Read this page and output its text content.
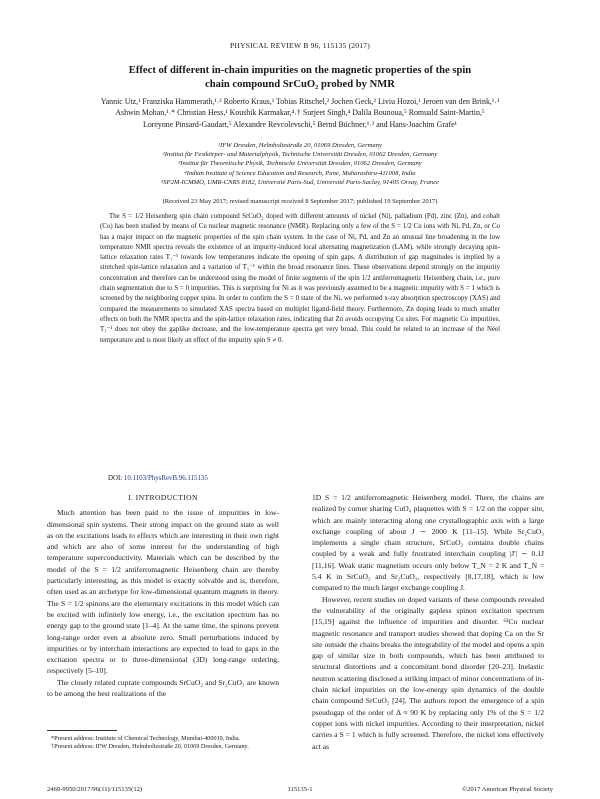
PHYSICAL REVIEW B 96, 115135 (2017)
Effect of different in-chain impurities on the magnetic properties of the spin
chain compound SrCuO₂ probed by NMR
Yannic Utz,¹ Franziska Hammerath,¹˒² Roberto Kraus,¹ Tobias Ritschel,² Jochen Geck,² Liviu Hozoi,¹ Jeroen van den Brink,¹˒³
Ashwin Mohan,¹˒* Christian Hess,¹ Koushik Karmakar,⁴˒† Surjeet Singh,⁴ Dalila Bounoua,⁵ Romuald Saint-Martin,⁵
Loreynne Pinsard-Gaudart,⁵ Alexandre Revcolevschi,⁵ Bernd Büchner,¹˒² and Hans-Joachim Grafe¹
¹IFW Dresden, Helmholtzstraße 20, 01069 Dresden, Germany
²Institut für Festkörper- und Materialphysik, Technische Universität Dresden, 01062 Dresden, Germany
³Institut für Theoretische Physik, Technische Universität Dresden, 01062 Dresden, Germany
⁴Indian Institute of Science Education and Research, Pune, Maharashtra-411008, India
⁵SP2M-ICMMO, UMR-CNRS 8182, Université Paris-Sud, Université Paris-Saclay, 91405 Orsay, France
(Received 23 May 2017; revised manuscript received 8 September 2017; published 19 September 2017)

The S = 1/2 Heisenberg spin chain compound SrCuO₂ doped with different amounts of nickel (Ni), palladium (Pd), zinc (Zn), and cobalt (Co) has been studied by means of Cu nuclear magnetic resonance (NMR). Replacing only a few of the S = 1/2 Cu ions with Ni, Pd, Zn, or Co has a major impact on the magnetic properties of the spin chain system. In the case of Ni, Pd, and Zn an unusual line broadening in the low temperature NMR spectra reveals the existence of an impurity-induced local alternating magnetization (LAM), while strongly decaying spin-lattice relaxation rates T₁⁻¹ towards low temperatures indicate the opening of spin gaps. A distribution of gap magnitudes is implied by a stretched spin-lattice relaxation and a variation of T₁⁻¹ within the broad resonance lines. These observations depend strongly on the impurity concentration and therefore can be understood using the model of finite segments of the spin 1/2 antiferromagnetic Heisenberg chain, i.e., pure chain segmentation due to S = 0 impurities. This is surprising for Ni as it was previously assumed to be a magnetic impurity with S = 1 which is screened by the neighboring copper spins. In order to confirm the S = 0 state of the Ni, we performed x-ray absorption spectroscopy (XAS) and compared the measurements to simulated XAS spectra based on multiplet ligand-field theory. Furthermore, Zn doping leads to much smaller effects on both the NMR spectra and the spin-lattice relaxation rates, indicating that Zn avoids occupying Cu sites. For magnetic Co impurities, T₁⁻¹ does not obey the gaplike decrease, and the low-temperature spectra get very broad. This could be related to an increase of the Néel temperature and is most likely an effect of the impurity spin S ≠ 0.

DOI: 10.1103/PhysRevB.96.115135
I. INTRODUCTION

Much attention has been paid to the issue of impurities in low-dimensional spin systems. Their strong impact on the ground state as well as on the excitations leads to effects which are interesting in their own right and which are also of some interest for the understanding of high temperature superconductivity. Materials which can be described by the model of the S = 1/2 antiferromagnetic Heisenberg chain are thereby particularly interesting, as this model is exactly solvable and is, therefore, often used as an archetype for low-dimensional quantum magnets in theory. The S = 1/2 spinons are the elementary excitations in this model which can be excited with infinitely low energy, i.e., the excitation spectrum has no energy gap to the ground state [1–4]. At the same time, the spinons prevent long-range order even at absolute zero. Small perturbations induced by impurities or by interchain interactions are expected to lead to gaps in the excitation spectra or to three-dimensional (3D) long-range ordering, respectively [5–10].

The closely related cuprate compounds SrCuO₂ and Sr₂CuO₃ are known to be among the best realizations of the

1D S = 1/2 antiferromagnetic Heisenberg model. There, the chains are realized by corner sharing CuO₄ plaquettes with S = 1/2 on the copper site, which are mainly interacting along one crystallographic axis with a large exchange coupling of about J ∼ 2000 K [11–15]. While Sr₂CuO₃ implements a single chain structure, SrCuO₂ contains double chains coupled by a weak and fully frustrated interchain coupling |J′| ∼ 0.1J [11,16]. Weak static magnetism occurs only below T_N = 2 K and T_N = 5.4 K in SrCuO₂ and Sr₂CuO₃, respectively [8,17,18], which is low compared to the much larger exchange coupling J.

However, recent studies on doped variants of these compounds revealed the vulnerability of the originally gapless spinon excitation spectrum [15,19] against the influence of impurities and disorder. ⁶³Cu nuclear magnetic resonance and transport studies showed that doping Ca on the Sr site outside the chains breaks the integrability of the model and opens a spin gap of similar size in both compounds, which has been attributed to structural distortions and a concomitant bond disorder [20–23]. Inelastic neutron scattering disclosed a striking impact of minor concentrations of in-chain nickel impurities on the low-energy spin dynamics of the double chain compound SrCuO₂ [24]. The authors report the emergence of a spin pseudogap of the order of Δ ≈ 90 K by replacing only 1% of the S = 1/2 copper ions with nickel impurities. According to their interpretation, nickel carries a S = 1 which is fully screened. Therefore, the nickel ions effectively act as

*Present address: Institute of Chemical Technology, Mumbai-400019, India.

†Present address: IFW Dresden, Helmholtzstraße 20, 01069 Dresden, Germany.

2469-9950/2017/96(11)/115135(12)	115135-1	©2017 American Physical Society
